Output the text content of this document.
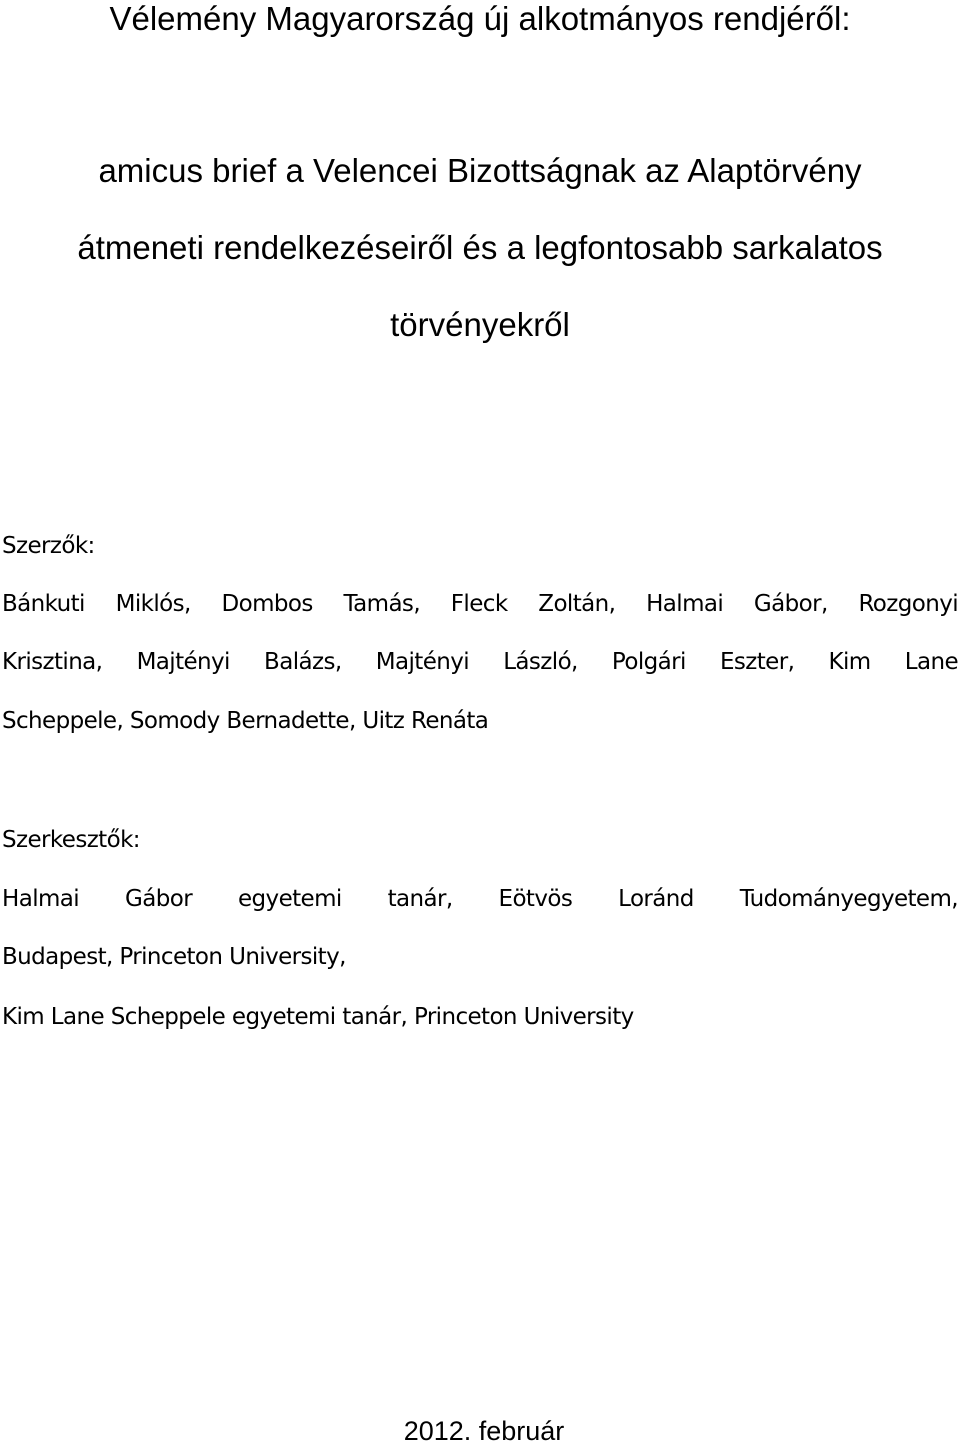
Vélemény Magyarország új alkotmányos rendjéről:
amicus brief a Velencei Bizottságnak az Alaptörvény
átmeneti rendelkezéseiről és a legfontosabb sarkalatos
törvényekről
Szerzők:
Bánkuti Miklós, Dombos Tamás, Fleck Zoltán, Halmai Gábor, Rozgonyi
Krisztina, Majtényi Balázs, Majtényi László, Polgári Eszter, Kim Lane
Scheppele, Somody Bernadette, Uitz Renáta
Szerkesztők:
Halmai Gábor egyetemi tanár, Eötvös Loránd Tudományegyetem,
Budapest, Princeton University,
Kim Lane Scheppele egyetemi tanár, Princeton University
2012. február
